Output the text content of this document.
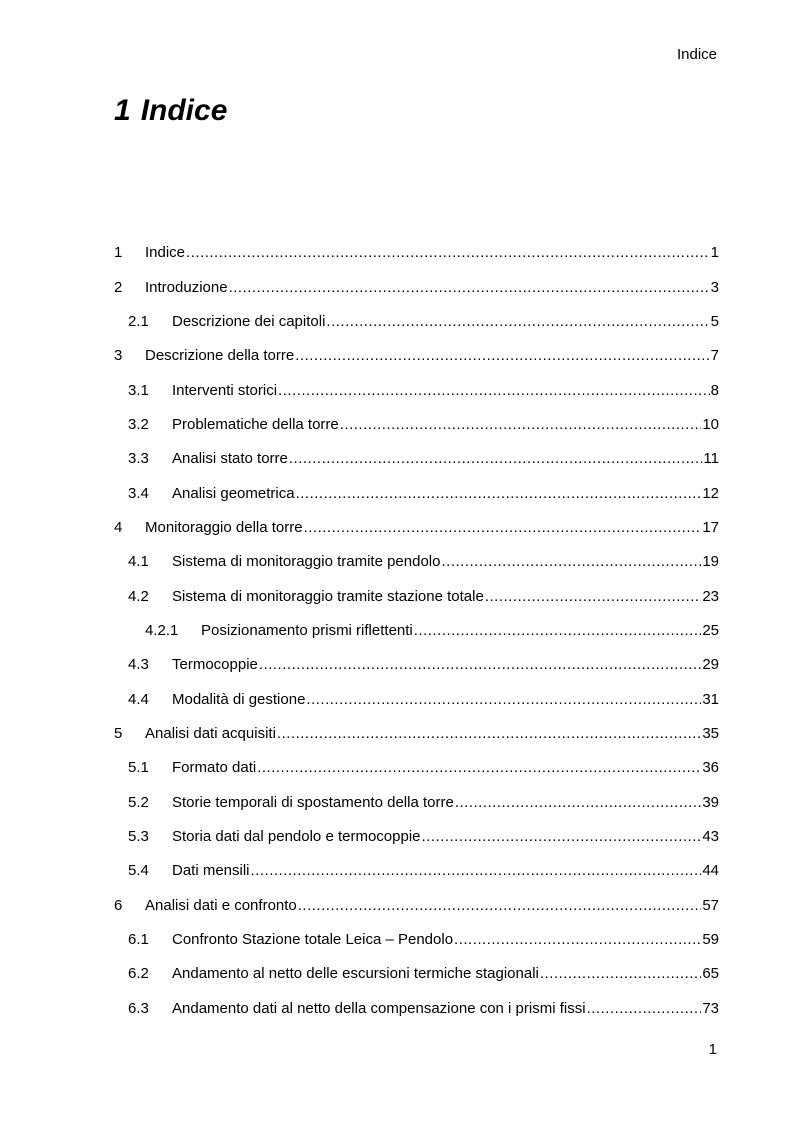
Indice
1 Indice
1	Indice .....	1
2	Introduzione .....	3
2.1	Descrizione dei capitoli .....	5
3	Descrizione della torre .....	7
3.1	Interventi storici .....	8
3.2	Problematiche della torre .....	10
3.3	Analisi stato torre .....	11
3.4	Analisi geometrica .....	12
4	Monitoraggio della torre .....	17
4.1	Sistema di monitoraggio tramite pendolo .....	19
4.2	Sistema di monitoraggio tramite stazione totale .....	23
4.2.1	Posizionamento prismi riflettenti .....	25
4.3	Termocoppie .....	29
4.4	Modalità di gestione .....	31
5	Analisi dati acquisiti .....	35
5.1	Formato dati .....	36
5.2	Storie temporali di spostamento della torre .....	39
5.3	Storia dati dal pendolo e termocoppie .....	43
5.4	Dati mensili .....	44
6	Analisi dati e confronto .....	57
6.1	Confronto Stazione totale Leica – Pendolo .....	59
6.2	Andamento al netto delle escursioni termiche stagionali .....	65
6.3	Andamento dati al netto della compensazione con i prismi fissi .....	73
1
